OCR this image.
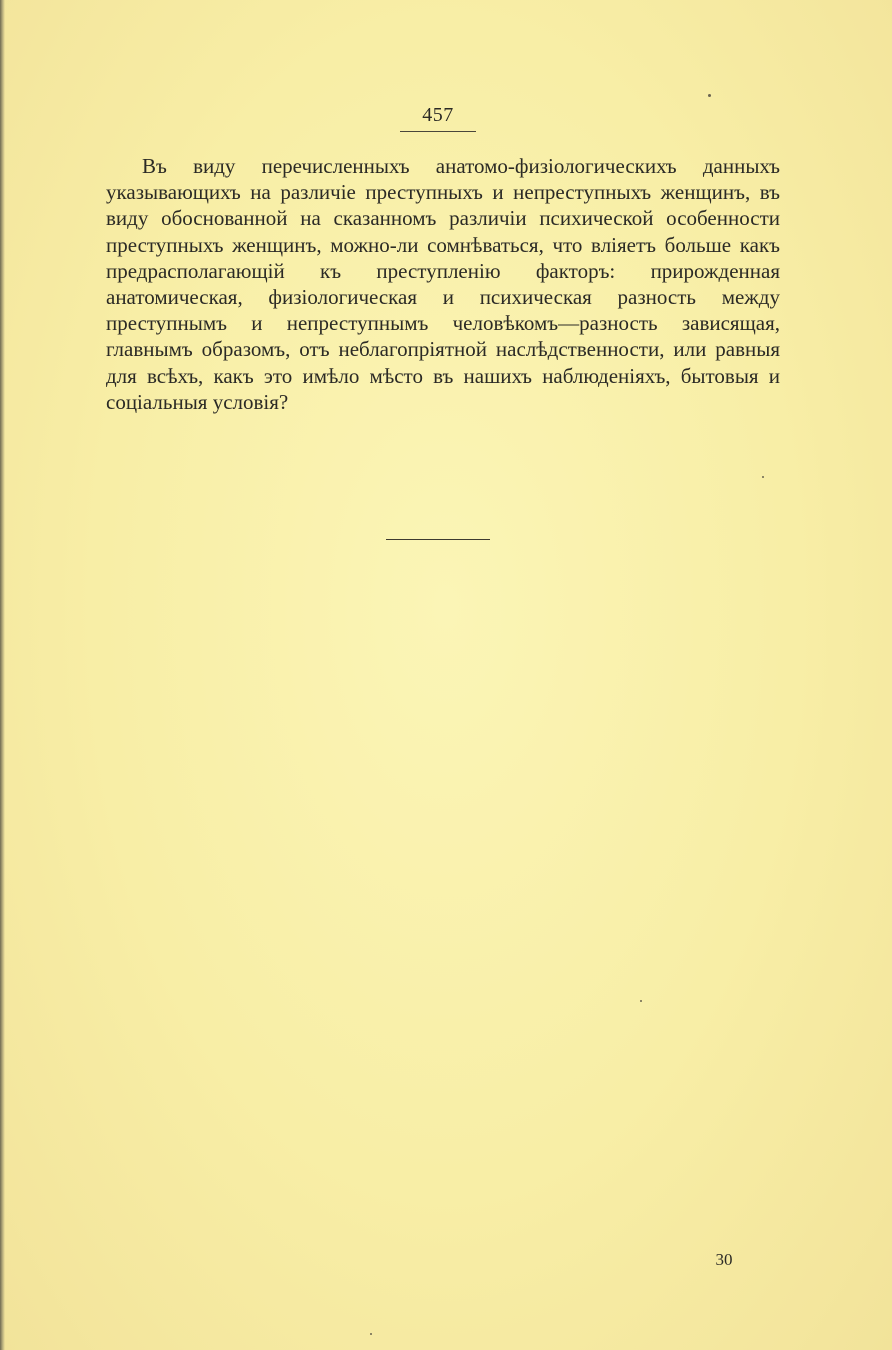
457

Въ виду перечисленныхъ анатомо-физіологическихъ данныхъ указывающихъ на различіе преступныхъ и непреступныхъ женщинъ, въ виду обоснованной на сказанномъ различіи психической особенности преступныхъ женщинъ, можно-ли сомнѣваться, что вліяетъ больше какъ предрасполагающій къ преступленію факторъ: прирожденная анатомическая, физіологическая и психическая разность между преступнымъ и непреступнымъ человѣкомъ—разность зависящая, главнымъ образомъ, отъ неблагопріятной наслѣдственности, или равныя для всѣхъ, какъ это имѣло мѣсто въ нашихъ наблюденіяхъ, бытовыя и соціальныя условія?

30
